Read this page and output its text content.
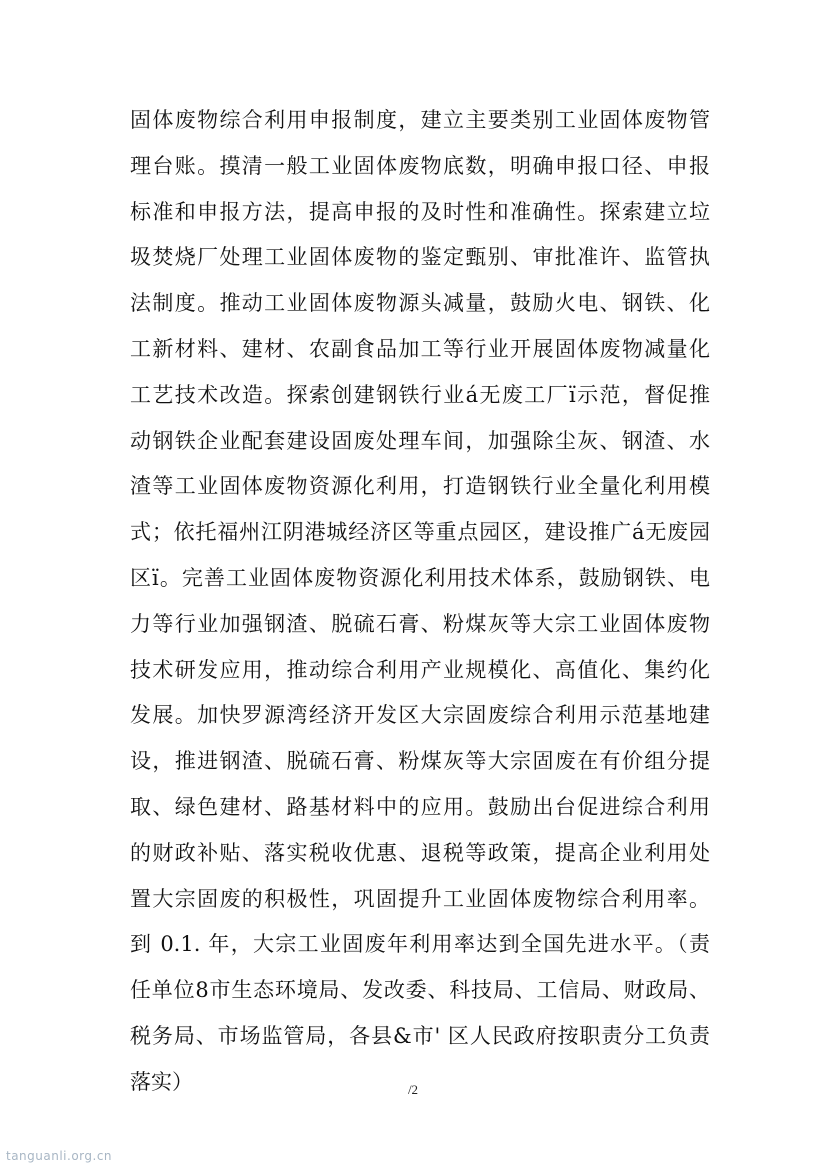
固体废物综合利用申报制度，建立主要类别工业固体废物管
理台账。摸清一般工业固体废物底数，明确申报口径、申报
标准和申报方法，提高申报的及时性和准确性。探索建立垃
圾焚烧厂处理工业固体废物的鉴定甄别、审批准许、监管执
法制度。推动工业固体废物源头减量，鼓励火电、钢铁、化
工新材料、建材、农副食品加工等行业开展固体废物减量化
工艺技术改造。探索创建钢铁行业á无废工厂ï示范，督促推
动钢铁企业配套建设固废处理车间，加强除尘灰、钢渣、水
渣等工业固体废物资源化利用，打造钢铁行业全量化利用模
式；依托福州江阴港城经济区等重点园区，建设推广á无废园
区ï。完善工业固体废物资源化利用技术体系，鼓励钢铁、电
力等行业加强钢渣、脱硫石膏、粉煤灰等大宗工业固体废物
技术研发应用，推动综合利用产业规模化、高值化、集约化
发展。加快罗源湾经济开发区大宗固废综合利用示范基地建
设，推进钢渣、脱硫石膏、粉煤灰等大宗固废在有价组分提
取、绿色建材、路基材料中的应用。鼓励出台促进综合利用
的财政补贴、落实税收优惠、退税等政策，提高企业利用处
置大宗固废的积极性，巩固提升工业固体废物综合利用率。
到 0.1. 年，大宗工业固废年利用率达到全国先进水平。（责
任单位8市生态环境局、发改委、科技局、工信局、财政局、
税务局、市场监管局，各县&市' 区人民政府按职责分工负责
落实）	/2
tanguanli.org.cn
